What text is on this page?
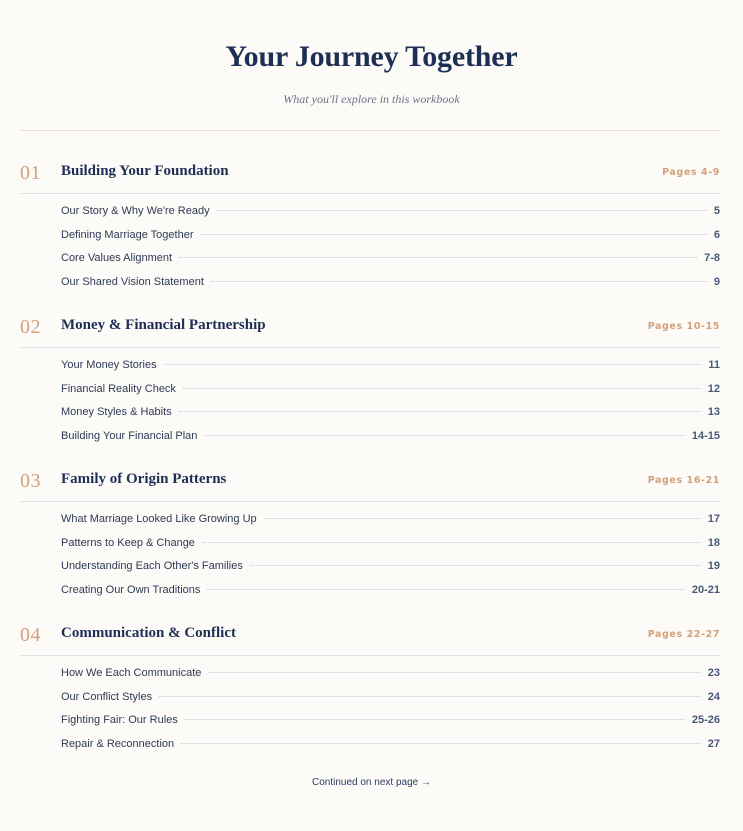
Your Journey Together
What you'll explore in this workbook
01 Building Your Foundation	Pages 4-9
Our Story & Why We're Ready	5
Defining Marriage Together	6
Core Values Alignment	7-8
Our Shared Vision Statement	9
02 Money & Financial Partnership	Pages 10-15
Your Money Stories	11
Financial Reality Check	12
Money Styles & Habits	13
Building Your Financial Plan	14-15
03 Family of Origin Patterns	Pages 16-21
What Marriage Looked Like Growing Up	17
Patterns to Keep & Change	18
Understanding Each Other's Families	19
Creating Our Own Traditions	20-21
04 Communication & Conflict	Pages 22-27
How We Each Communicate	23
Our Conflict Styles	24
Fighting Fair: Our Rules	25-26
Repair & Reconnection	27
Continued on next page →
